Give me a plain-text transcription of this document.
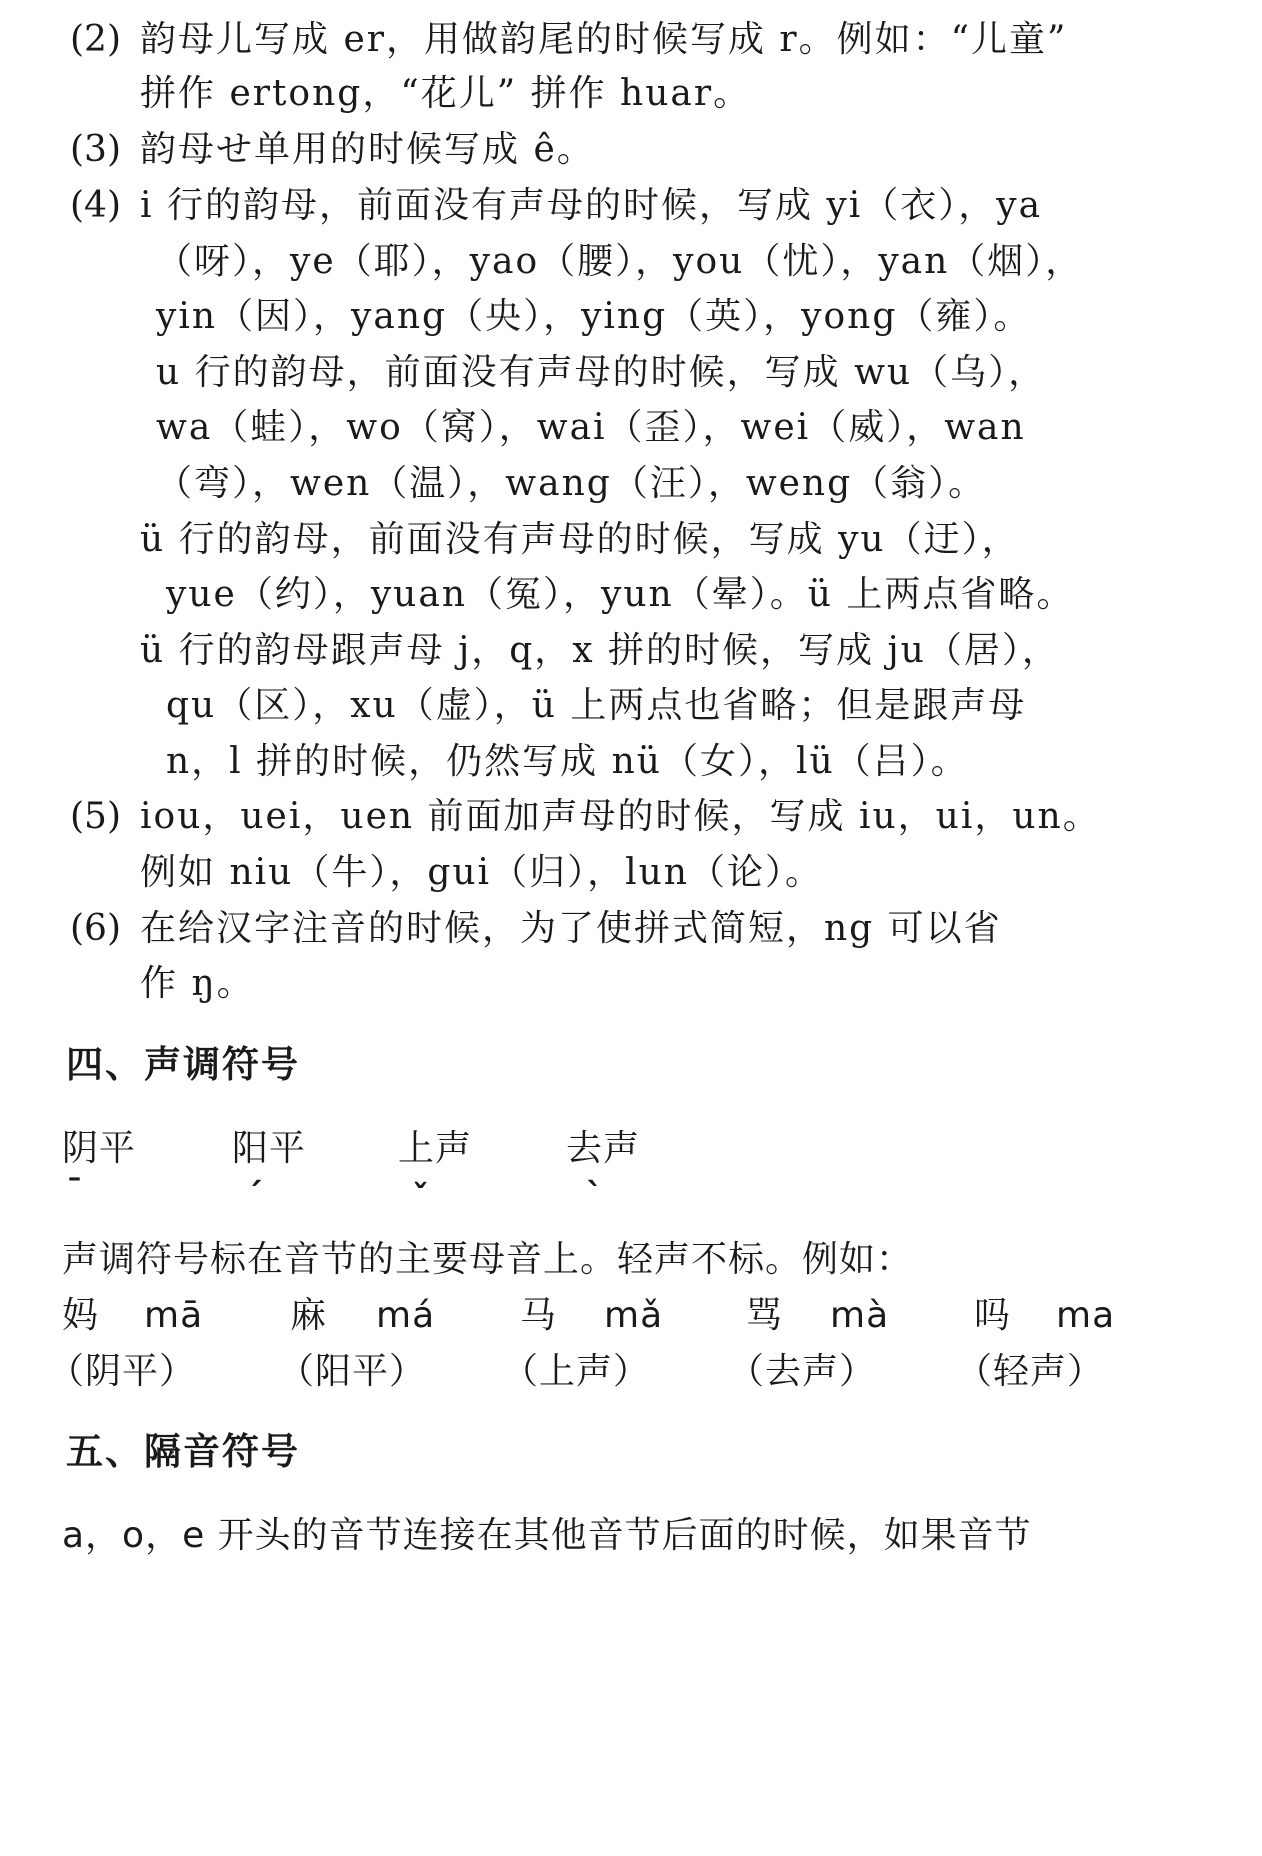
(2) 韵母儿写成 er，用做韵尾的时候写成 r。例如：“儿童”
拼作 ertong，“花儿” 拼作 huar。
(3) 韵母せ单用的时候写成 ê。
(4) i 行的韵母，前面没有声母的时候，写成 yi（衣），ya
（呀），ye（耶），yao（腰），you（忧），yan（烟），
yin（因），yang（央），ying（英），yong（雍）。
u 行的韵母，前面没有声母的时候，写成 wu（乌），
wa（蛙），wo（窝），wai（歪），wei（威），wan
（弯），wen（温），wang（汪），weng（翁）。
ü 行的韵母，前面没有声母的时候，写成 yu（迂），
yue（约），yuan（冤），yun（晕）。ü 上两点省略。
ü 行的韵母跟声母 j，q，x 拼的时候，写成 ju（居），
qu（区），xu（虚），ü 上两点也省略；但是跟声母
n，l 拼的时候，仍然写成 nü（女），lü（吕）。
(5) iou，uei，uen 前面加声母的时候，写成 iu，ui，un。
例如 niu（牛），gui（归），lun（论）。
(6) 在给汉字注音的时候，为了使拼式简短，ng 可以省
作 ŋ。
四、声调符号
阴平	阳平	上声	去声
ˉ	ˊ	ˇ	ˋ
声调符号标在音节的主要母音上。轻声不标。例如：
妈 mā 麻 má 马 mǎ 骂 mà 吗 ma
（阴平） （阳平） （上声） （去声） （轻声）
五、隔音符号
a，o，e 开头的音节连接在其他音节后面的时候，如果音节
